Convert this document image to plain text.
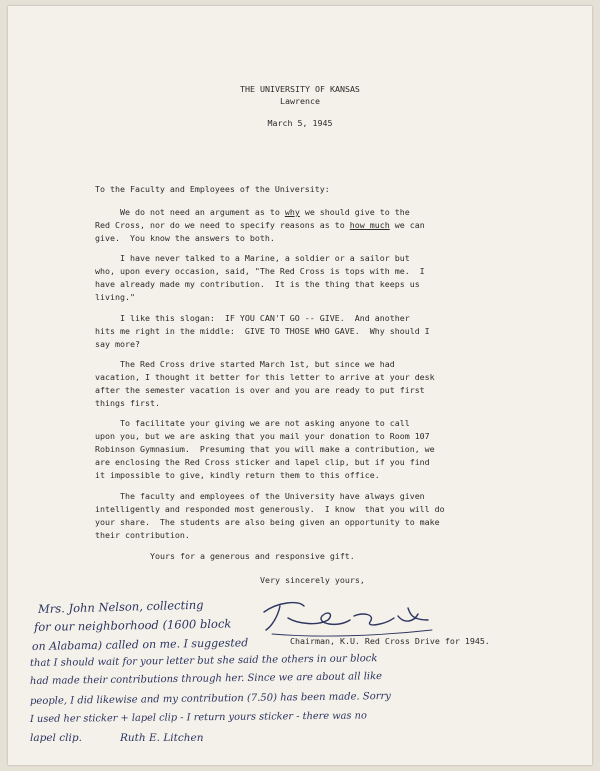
THE UNIVERSITY OF KANSAS
Lawrence
March 5, 1945
To the Faculty and Employees of the University:
We do not need an argument as to why we should give to the
Red Cross, nor do we need to specify reasons as to how much we can
give.  You know the answers to both.
I have never talked to a Marine, a soldier or a sailor but
who, upon every occasion, said, "The Red Cross is tops with me.  I
have already made my contribution.  It is the thing that keeps us
living."
I like this slogan:  IF YOU CAN'T GO -- GIVE.  And another
hits me right in the middle:  GIVE TO THOSE WHO GAVE.  Why should I
say more?
The Red Cross drive started March 1st, but since we had
vacation, I thought it better for this letter to arrive at your desk
after the semester vacation is over and you are ready to put first
things first.
To facilitate your giving we are not asking anyone to call
upon you, but we are asking that you mail your donation to Room 107
Robinson Gymnasium.  Presuming that you will make a contribution, we
are enclosing the Red Cross sticker and lapel clip, but if you find
it impossible to give, kindly return them to this office.
The faculty and employees of the University have always given
intelligently and responded most generously.  I know  that you will do
your share.  The students are also being given an opportunity to make
their contribution.
Yours for a generous and responsive gift.
Very sincerely yours,
Chairman, K.U. Red Cross Drive for 1945.
Mrs. John Nelson, collecting
for our neighborhood (1600 block
on Alabama) called on me. I suggested
that I should wait for your letter but she said the others in our block
had made their contributions through her. Since we are about all like
people, I did likewise and my contribution (7.50) has been made. Sorry
I used her sticker + lapel clip - I return yours sticker - there was no
lapel clip.	Ruth E. Litchen
